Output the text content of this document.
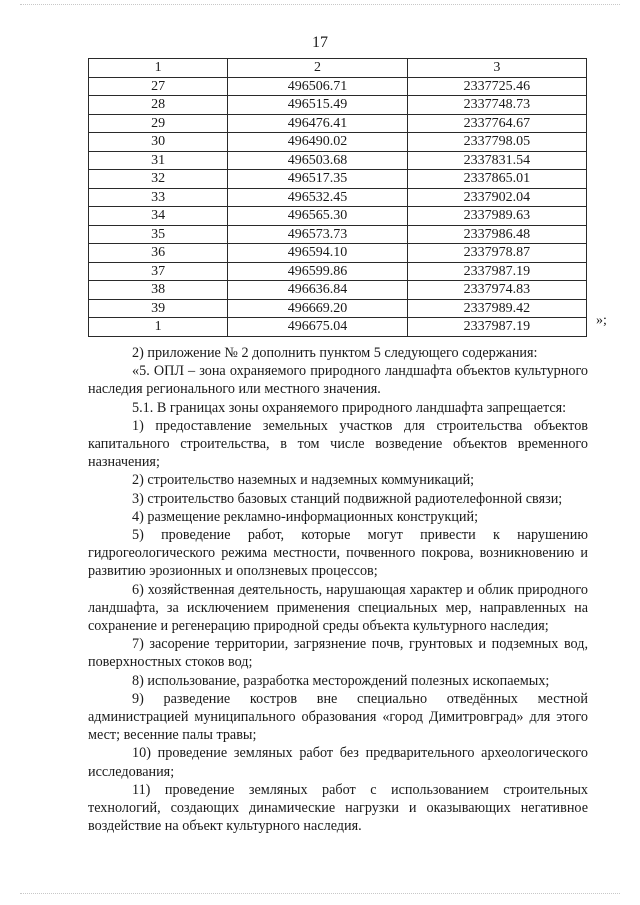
17
1	2	3
27	496506.71	2337725.46
28	496515.49	2337748.73
29	496476.41	2337764.67
30	496490.02	2337798.05
31	496503.68	2337831.54
32	496517.35	2337865.01
33	496532.45	2337902.04
34	496565.30	2337989.63
35	496573.73	2337986.48
36	496594.10	2337978.87
37	496599.86	2337987.19
38	496636.84	2337974.83
39	496669.20	2337989.42
1	496675.04	2337987.19	»;

2) приложение № 2 дополнить пунктом 5 следующего содержания:

«5. ОПЛ – зона охраняемого природного ландшафта объектов культурного наследия регионального или местного значения.

5.1. В границах зоны охраняемого природного ландшафта запрещается:

1) предоставление земельных участков для строительства объектов капитального строительства, в том числе возведение объектов временного назначения;

2) строительство наземных и надземных коммуникаций;

3) строительство базовых станций подвижной радиотелефонной связи;

4) размещение рекламно-информационных конструкций;

5) проведение работ, которые могут привести к нарушению гидрогеологического режима местности, почвенного покрова, возникновению и развитию эрозионных и оползневых процессов;

6) хозяйственная деятельность, нарушающая характер и облик природного ландшафта, за исключением применения специальных мер, направленных на сохранение и регенерацию природной среды объекта культурного наследия;

7) засорение территории, загрязнение почв, грунтовых и подземных вод, поверхностных стоков вод;

8) использование, разработка месторождений полезных ископаемых;

9) разведение костров вне специально отведённых местной администрацией муниципального образования «город Димитровград» для этого мест; весенние палы травы;

10) проведение земляных работ без предварительного археологического исследования;

11) проведение земляных работ с использованием строительных технологий, создающих динамические нагрузки и оказывающих негативное воздействие на объект культурного наследия.
